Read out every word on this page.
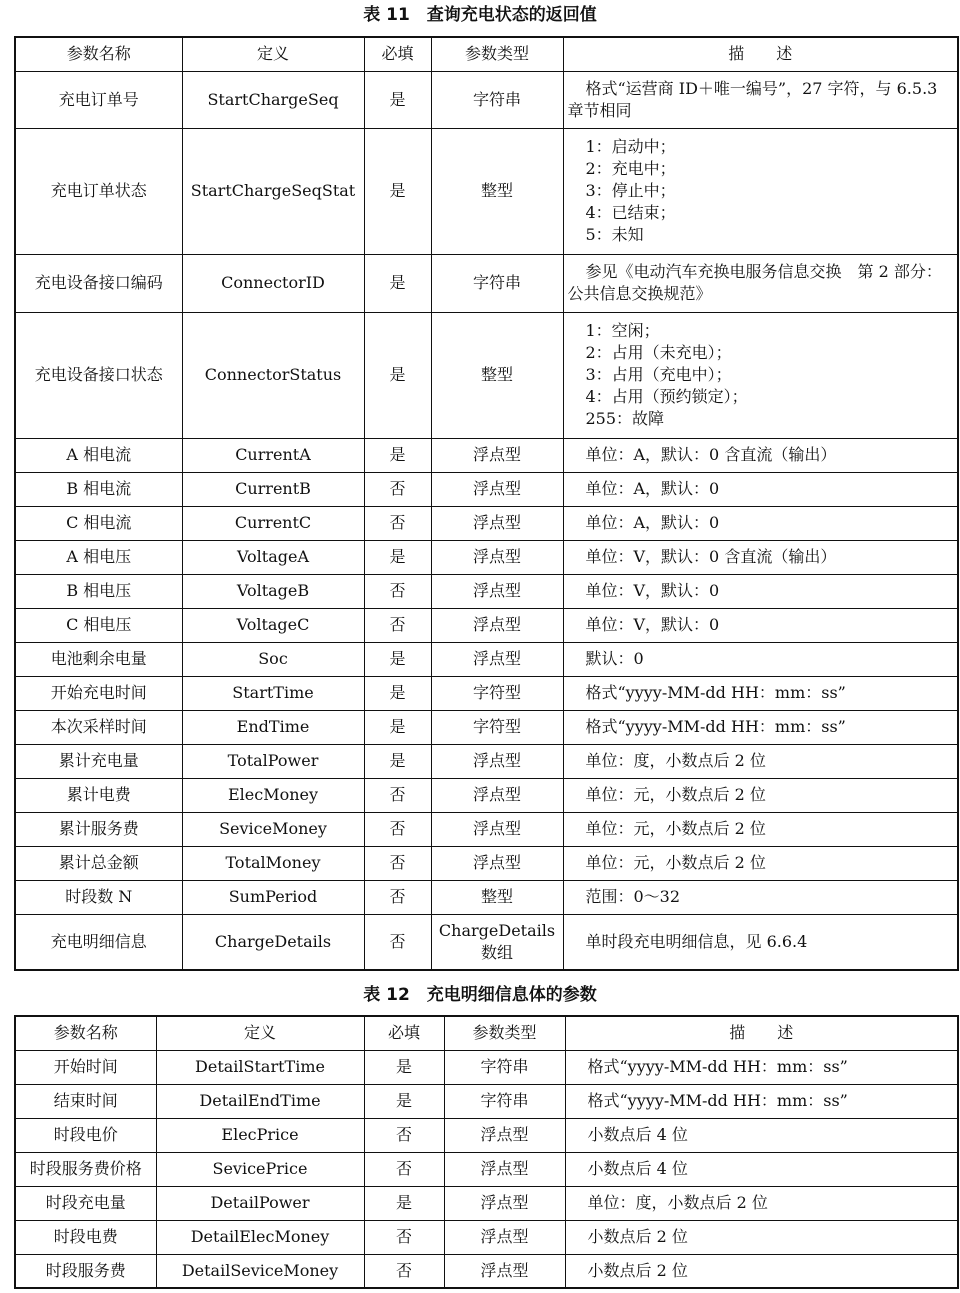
表 11　查询充电状态的返回值
参数名称	定义	必填	参数类型	描　　述
充电订单号	StartChargeSeq	是	字符串	格式“运营商 ID＋唯一编号”，27 字符，与 6.5.3 章节相同
充电订单状态	StartChargeSeqStat	是	整型	1：启动中；
2：充电中；
3：停止中；
4：已结束；
5：未知

充电设备接口编码	ConnectorID	是	字符串	参见《电动汽车充换电服务信息交换　第 2 部分：公共信息交换规范》
充电设备接口状态	ConnectorStatus	是	整型	1：空闲；
2：占用（未充电）；
3：占用（充电中）；
4：占用（预约锁定）；
255：故障

A 相电流	CurrentA	是	浮点型	单位：A，默认：0 含直流（输出）

B 相电流	CurrentB	否	浮点型	单位：A，默认：0

C 相电流	CurrentC	否	浮点型	单位：A，默认：0

A 相电压	VoltageA	是	浮点型	单位：V，默认：0 含直流（输出）

B 相电压	VoltageB	否	浮点型	单位：V，默认：0

C 相电压	VoltageC	否	浮点型	单位：V，默认：0

电池剩余电量	Soc	是	浮点型	默认：0

开始充电时间	StartTime	是	字符型	格式“yyyy-MM-dd HH：mm：ss”

本次采样时间	EndTime	是	字符型	格式“yyyy-MM-dd HH：mm：ss”

累计充电量	TotalPower	是	浮点型	单位：度，小数点后 2 位

累计电费	ElecMoney	否	浮点型	单位：元，小数点后 2 位

累计服务费	SeviceMoney	否	浮点型	单位：元，小数点后 2 位

累计总金额	TotalMoney	否	浮点型	单位：元，小数点后 2 位

时段数 N	SumPeriod	否	整型	范围：0～32

充电明细信息	ChargeDetails	否	ChargeDetails 数组	单时段充电明细信息，见 6.6.4
表 12　充电明细信息体的参数
参数名称	定义	必填	参数类型	描　　述
开始时间	DetailStartTime	是	字符串	格式“yyyy-MM-dd HH：mm：ss”

结束时间	DetailEndTime	是	字符串	格式“yyyy-MM-dd HH：mm：ss”

时段电价	ElecPrice	否	浮点型	小数点后 4 位

时段服务费价格	SevicePrice	否	浮点型	小数点后 4 位

时段充电量	DetailPower	是	浮点型	单位：度，小数点后 2 位

时段电费	DetailElecMoney	否	浮点型	小数点后 2 位

时段服务费	DetailSeviceMoney	否	浮点型	小数点后 2 位
